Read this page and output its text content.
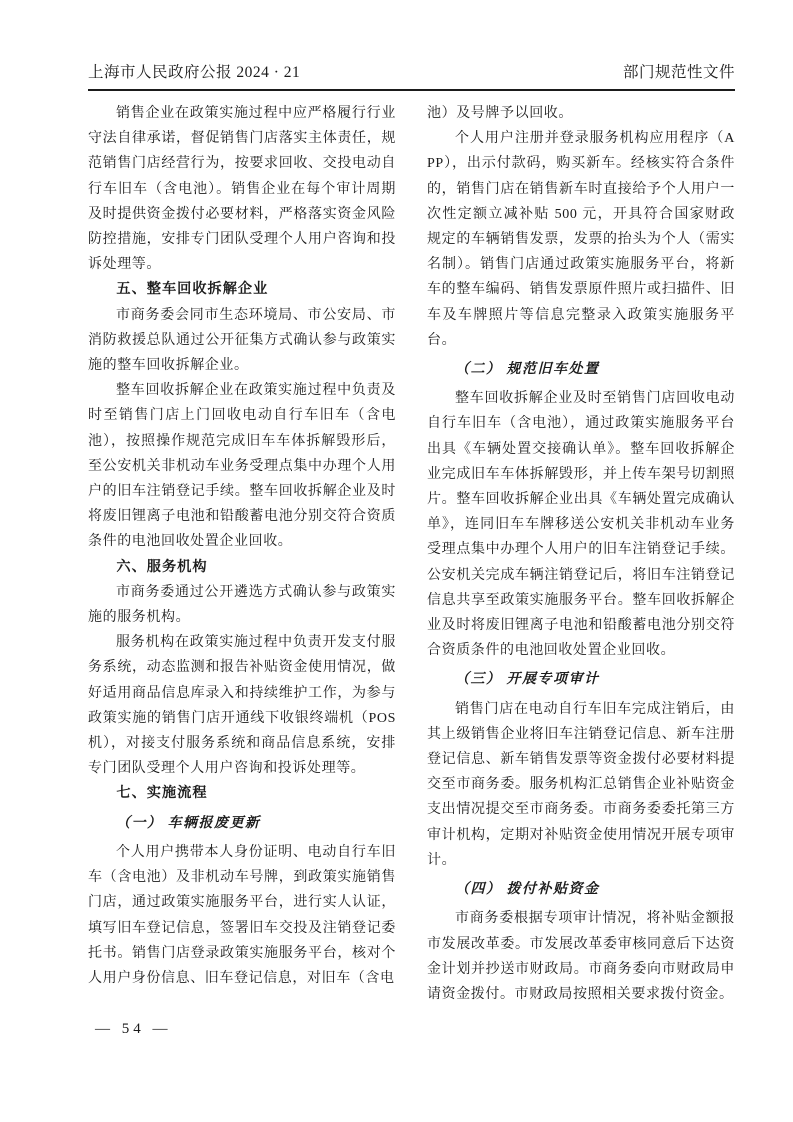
上海市人民政府公报 2024 · 21	部门规范性文件

销售企业在政策实施过程中应严格履行行业守法自律承诺，督促销售门店落实主体责任，规范销售门店经营行为，按要求回收、交投电动自行车旧车（含电池）。销售企业在每个审计周期及时提供资金拨付必要材料，严格落实资金风险防控措施，安排专门团队受理个人用户咨询和投诉处理等。

五、整车回收拆解企业

市商务委会同市生态环境局、市公安局、市消防救援总队通过公开征集方式确认参与政策实施的整车回收拆解企业。

整车回收拆解企业在政策实施过程中负责及时至销售门店上门回收电动自行车旧车（含电池），按照操作规范完成旧车车体拆解毁形后，至公安机关非机动车业务受理点集中办理个人用户的旧车注销登记手续。整车回收拆解企业及时将废旧锂离子电池和铅酸蓄电池分别交符合资质条件的电池回收处置企业回收。

六、服务机构

市商务委通过公开遴选方式确认参与政策实施的服务机构。

服务机构在政策实施过程中负责开发支付服务系统，动态监测和报告补贴资金使用情况，做好适用商品信息库录入和持续维护工作，为参与政策实施的销售门店开通线下收银终端机（POS机），对接支付服务系统和商品信息系统，安排专门团队受理个人用户咨询和投诉处理等。

七、实施流程
（一） 车辆报废更新

个人用户携带本人身份证明、电动自行车旧车（含电池）及非机动车号牌，到政策实施销售门店，通过政策实施服务平台，进行实人认证，填写旧车登记信息，签署旧车交投及注销登记委托书。销售门店登录政策实施服务平台，核对个人用户身份信息、旧车登记信息，对旧车（含电

池）及号牌予以回收。

个人用户注册并登录服务机构应用程序（APP），出示付款码，购买新车。经核实符合条件的，销售门店在销售新车时直接给予个人用户一次性定额立减补贴 500 元，开具符合国家财政规定的车辆销售发票，发票的抬头为个人（需实名制）。销售门店通过政策实施服务平台，将新车的整车编码、销售发票原件照片或扫描件、旧车及车牌照片等信息完整录入政策实施服务平台。

（二） 规范旧车处置

整车回收拆解企业及时至销售门店回收电动自行车旧车（含电池），通过政策实施服务平台出具《车辆处置交接确认单》。整车回收拆解企业完成旧车车体拆解毁形，并上传车架号切割照片。整车回收拆解企业出具《车辆处置完成确认单》，连同旧车车牌移送公安机关非机动车业务受理点集中办理个人用户的旧车注销登记手续。公安机关完成车辆注销登记后，将旧车注销登记信息共享至政策实施服务平台。整车回收拆解企业及时将废旧锂离子电池和铅酸蓄电池分别交符合资质条件的电池回收处置企业回收。

（三） 开展专项审计

销售门店在电动自行车旧车完成注销后，由其上级销售企业将旧车注销登记信息、新车注册登记信息、新车销售发票等资金拨付必要材料提交至市商务委。服务机构汇总销售企业补贴资金支出情况提交至市商务委。市商务委委托第三方审计机构，定期对补贴资金使用情况开展专项审计。

（四） 拨付补贴资金

市商务委根据专项审计情况，将补贴金额报市发展改革委。市发展改革委审核同意后下达资金计划并抄送市财政局。市商务委向市财政局申请资金拨付。市财政局按照相关要求拨付资金。

— 54 —
